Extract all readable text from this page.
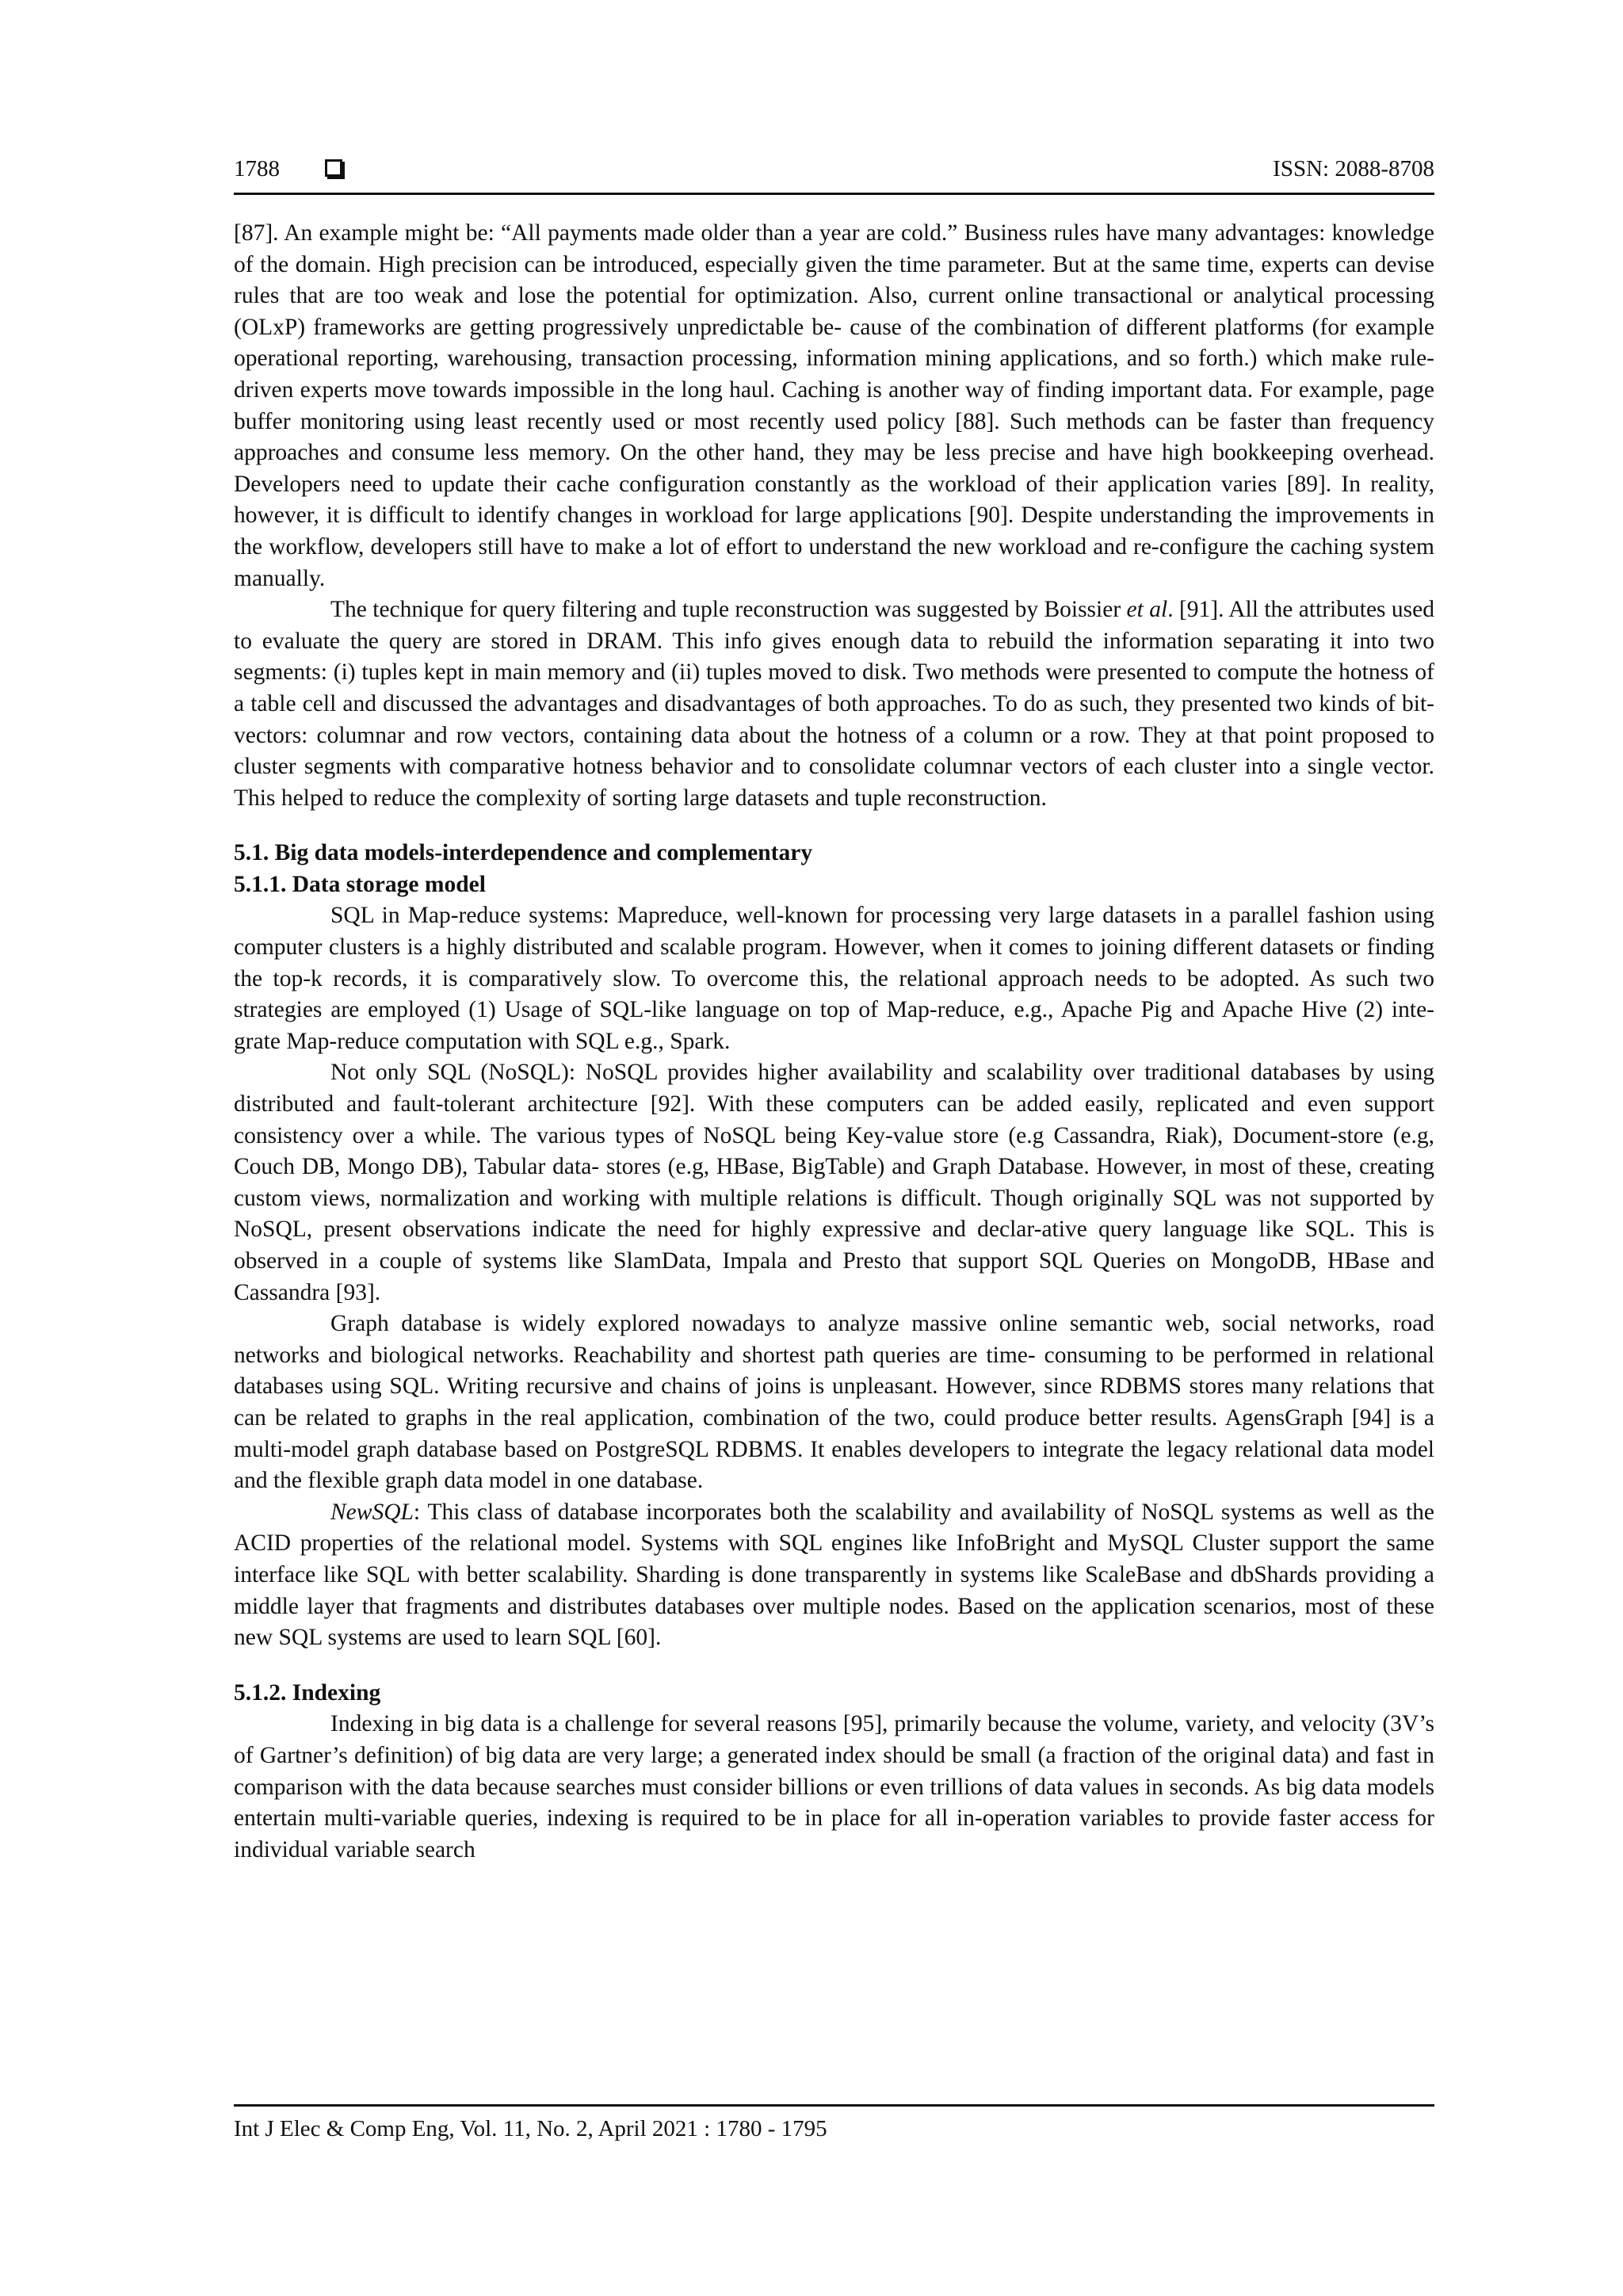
1788	ISSN: 2088-8708

[87]. An example might be: “All payments made older than a year are cold.” Business rules have many advantages: knowledge of the domain. High precision can be introduced, especially given the time parameter. But at the same time, experts can devise rules that are too weak and lose the potential for optimization. Also, current online transactional or analytical processing (OLxP) frameworks are getting progressively unpredictable be- cause of the combination of different platforms (for example operational reporting, warehousing, transaction processing, information mining applications, and so forth.) which make rule-driven experts move towards impossible in the long haul. Caching is another way of finding important data. For example, page buffer monitoring using least recently used or most recently used policy [88]. Such methods can be faster than frequency approaches and consume less memory. On the other hand, they may be less precise and have high bookkeeping overhead. Developers need to update their cache configuration constantly as the workload of their application varies [89]. In reality, however, it is difficult to identify changes in workload for large applications [90]. Despite understanding the improvements in the workflow, developers still have to make a lot of effort to understand the new workload and re-configure the caching system manually.

The technique for query filtering and tuple reconstruction was suggested by Boissier et al. [91]. All the attributes used to evaluate the query are stored in DRAM. This info gives enough data to rebuild the information separating it into two segments: (i) tuples kept in main memory and (ii) tuples moved to disk. Two methods were presented to compute the hotness of a table cell and discussed the advantages and disadvantages of both approaches. To do as such, they presented two kinds of bit-vectors: columnar and row vectors, containing data about the hotness of a column or a row. They at that point proposed to cluster segments with comparative hotness behavior and to consolidate columnar vectors of each cluster into a single vector. This helped to reduce the complexity of sorting large datasets and tuple reconstruction.

5.1. Big data models-interdependence and complementary
5.1.1. Data storage model

SQL in Map-reduce systems: Mapreduce, well-known for processing very large datasets in a parallel fashion using computer clusters is a highly distributed and scalable program. However, when it comes to joining different datasets or finding the top-k records, it is comparatively slow. To overcome this, the relational approach needs to be adopted. As such two strategies are employed (1) Usage of SQL-like language on top of Map-reduce, e.g., Apache Pig and Apache Hive (2) inte- grate Map-reduce computation with SQL e.g., Spark.

Not only SQL (NoSQL): NoSQL provides higher availability and scalability over traditional databases by using distributed and fault-tolerant architecture [92]. With these computers can be added easily, replicated and even support consistency over a while. The various types of NoSQL being Key-value store (e.g Cassandra, Riak), Document-store (e.g, Couch DB, Mongo DB), Tabular data- stores (e.g, HBase, BigTable) and Graph Database. However, in most of these, creating custom views, normalization and working with multiple relations is difficult. Though originally SQL was not supported by NoSQL, present observations indicate the need for highly expressive and declar-ative query language like SQL. This is observed in a couple of systems like SlamData, Impala and Presto that support SQL Queries on MongoDB, HBase and Cassandra [93].

Graph database is widely explored nowadays to analyze massive online semantic web, social networks, road networks and biological networks. Reachability and shortest path queries are time- consuming to be performed in relational databases using SQL. Writing recursive and chains of joins is unpleasant. However, since RDBMS stores many relations that can be related to graphs in the real application, combination of the two, could produce better results. AgensGraph [94] is a multi-model graph database based on PostgreSQL RDBMS. It enables developers to integrate the legacy relational data model and the flexible graph data model in one database.

NewSQL: This class of database incorporates both the scalability and availability of NoSQL systems as well as the ACID properties of the relational model. Systems with SQL engines like InfoBright and MySQL Cluster support the same interface like SQL with better scalability. Sharding is done transparently in systems like ScaleBase and dbShards providing a middle layer that fragments and distributes databases over multiple nodes. Based on the application scenarios, most of these new SQL systems are used to learn SQL [60].

5.1.2. Indexing

Indexing in big data is a challenge for several reasons [95], primarily because the volume, variety, and velocity (3V’s of Gartner’s definition) of big data are very large; a generated index should be small (a fraction of the original data) and fast in comparison with the data because searches must consider billions or even trillions of data values in seconds. As big data models entertain multi-variable queries, indexing is required to be in place for all in-operation variables to provide faster access for individual variable search

Int J Elec & Comp Eng, Vol. 11, No. 2, April 2021 : 1780 - 1795
